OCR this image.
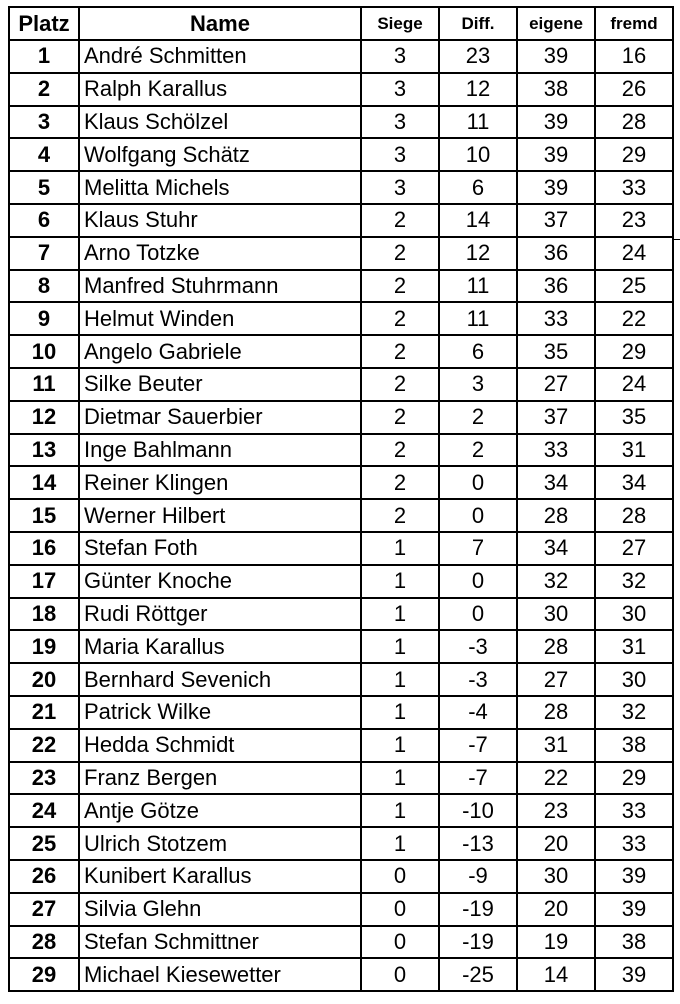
Platz	Name	Siege	Diff.	eigene	fremd
1	André Schmitten	3	23	39	16
2	Ralph Karallus	3	12	38	26
3	Klaus Schölzel	3	11	39	28
4	Wolfgang Schätz	3	10	39	29
5	Melitta Michels	3	6	39	33
6	Klaus Stuhr	2	14	37	23
7	Arno Totzke	2	12	36	24
8	Manfred Stuhrmann	2	11	36	25
9	Helmut Winden	2	11	33	22
10	Angelo Gabriele	2	6	35	29
11	Silke Beuter	2	3	27	24
12	Dietmar Sauerbier	2	2	37	35
13	Inge Bahlmann	2	2	33	31
14	Reiner Klingen	2	0	34	34
15	Werner Hilbert	2	0	28	28
16	Stefan Foth	1	7	34	27
17	Günter Knoche	1	0	32	32
18	Rudi Röttger	1	0	30	30
19	Maria Karallus	1	-3	28	31
20	Bernhard Sevenich	1	-3	27	30
21	Patrick Wilke	1	-4	28	32
22	Hedda Schmidt	1	-7	31	38
23	Franz Bergen	1	-7	22	29
24	Antje Götze	1	-10	23	33
25	Ulrich Stotzem	1	-13	20	33
26	Kunibert Karallus	0	-9	30	39
27	Silvia Glehn	0	-19	20	39
28	Stefan Schmittner	0	-19	19	38
29	Michael Kiesewetter	0	-25	14	39
